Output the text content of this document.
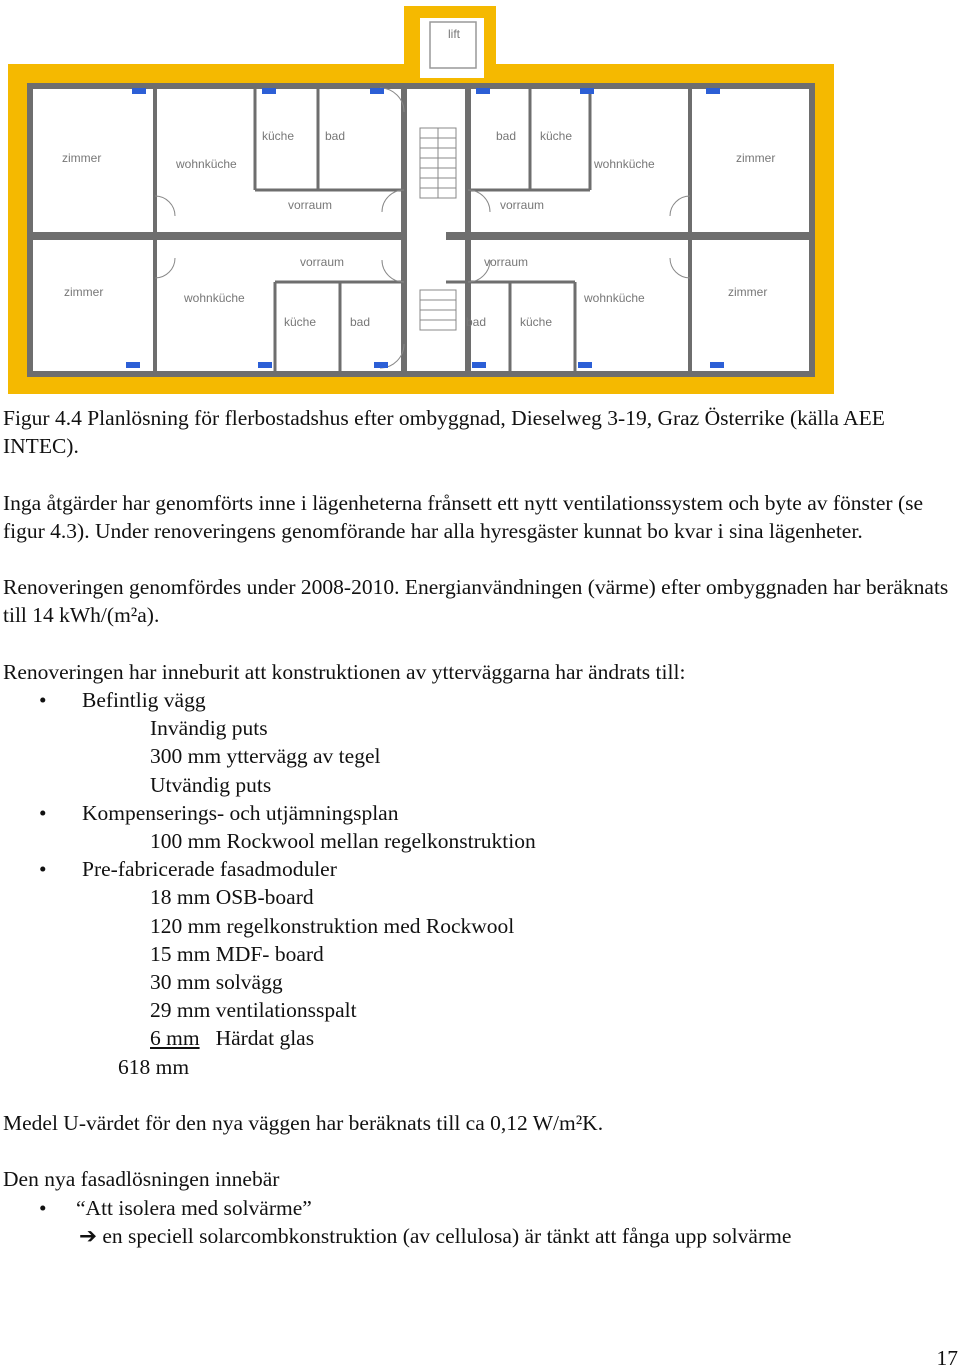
lift
zimmer	wohnküche
küche	bad
vorraum
bad küche
wohnküche	zimmer
vorraum
vorraum
zimmer	wohnküche
küche	bad
vorraum
wohnküche	zimmer
bad	küche

Figur 4.4 Planlösning för flerbostadshus efter ombyggnad, Dieselweg 3-19, Graz Österrike (källa AEE INTEC).

Inga åtgärder har genomförts inne i lägenheterna frånsett ett nytt ventilationssystem och byte av fönster (se figur 4.3). Under renoveringens genomförande har alla hyresgäster kunnat bo kvar i sina lägenheter.

Renoveringen genomfördes under 2008-2010. Energianvändningen (värme) efter ombyggnaden har beräknats till 14 kWh/(m²a).

Renoveringen har inneburit att konstruktionen av ytterväggarna har ändrats till:

• Befintlig vägg
Invändig puts
300 mm yttervägg av tegel
Utvändig puts
• Kompenserings- och utjämningsplan
100 mm Rockwool mellan regelkonstruktion
• Pre-fabricerade fasadmoduler
18 mm OSB-board
120 mm regelkonstruktion med Rockwool
15 mm MDF- board
30 mm solvägg
29 mm ventilationsspalt
6 mm Härdat glas
618 mm

Medel U-värdet för den nya väggen har beräknats till ca 0,12 W/m²K.

Den nya fasadlösningen innebär

• “Att isolera med solvärme”
➔ en speciell solarcombkonstruktion (av cellulosa) är tänkt att fånga upp solvärme
17
